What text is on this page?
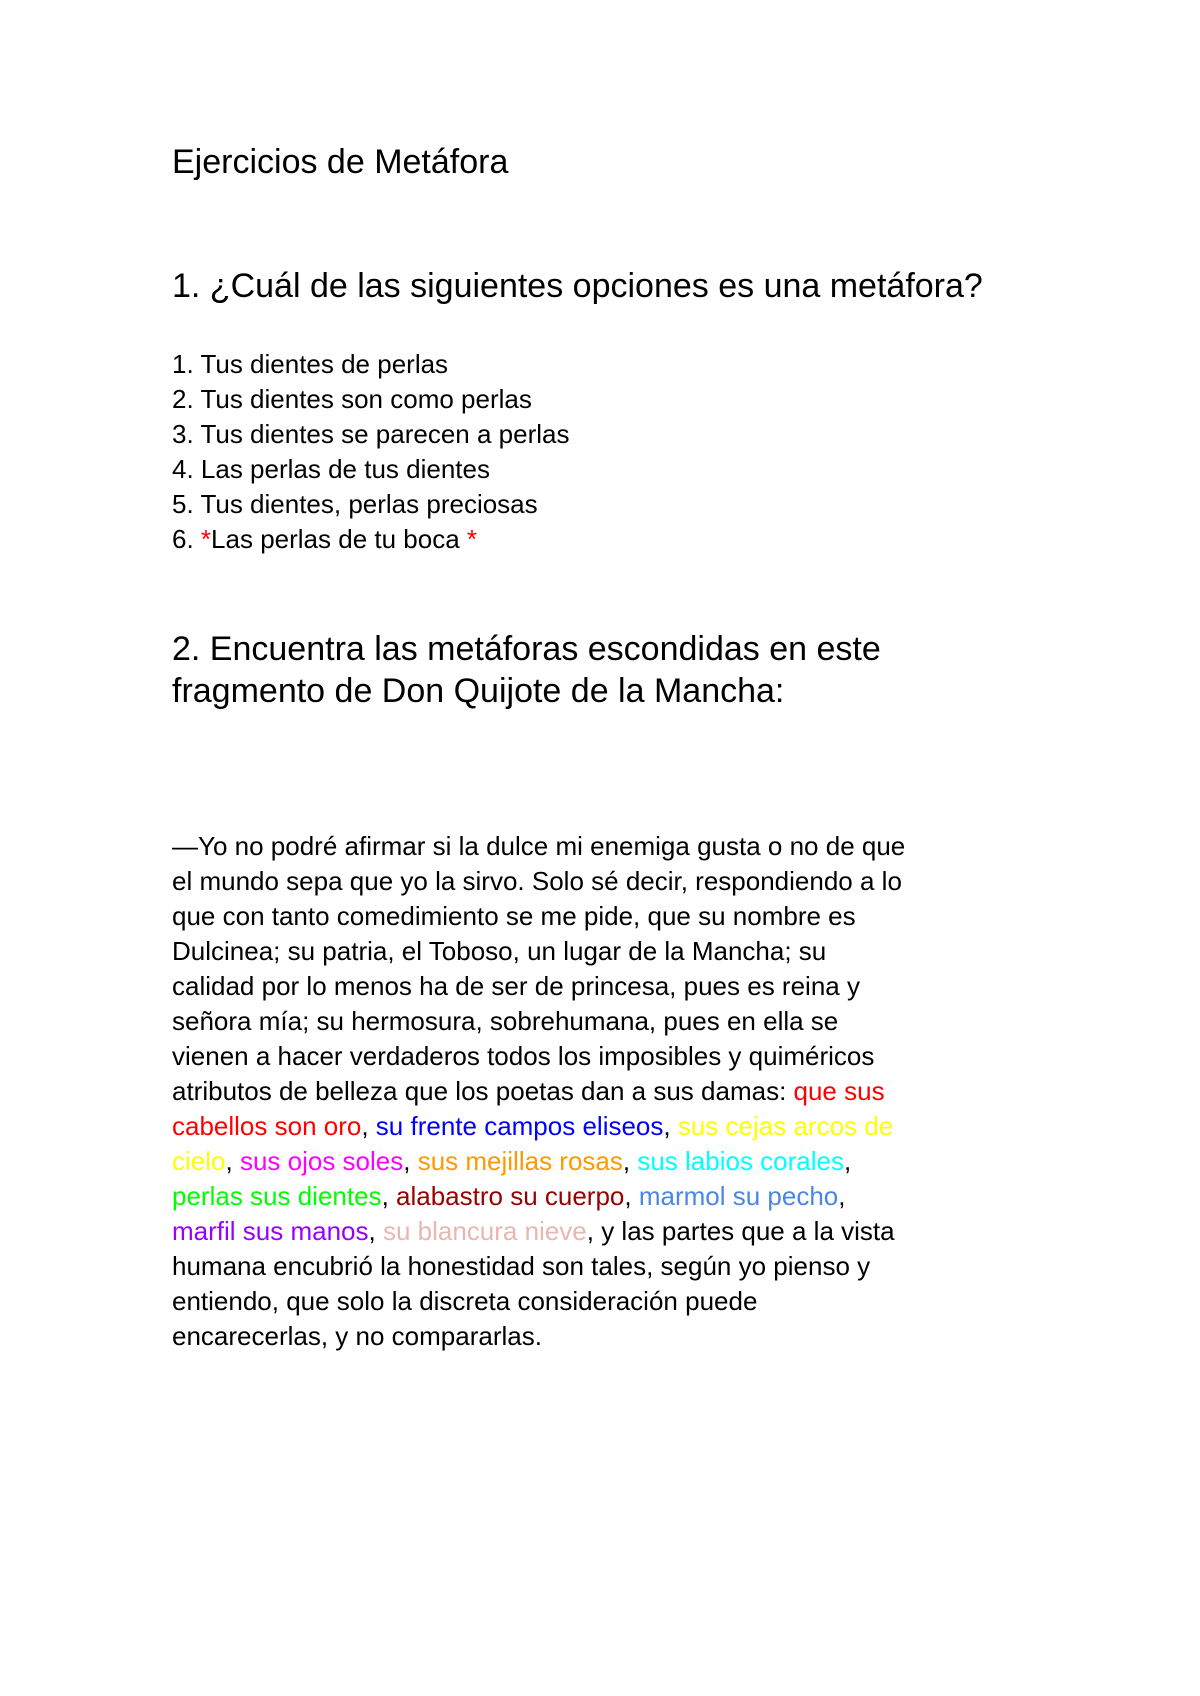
Ejercicios de Metáfora
1. ¿Cuál de las siguientes opciones es una metáfora?
1. Tus dientes de perlas
2. Tus dientes son como perlas
3. Tus dientes se parecen a perlas
4. Las perlas de tus dientes
5. Tus dientes, perlas preciosas
6. *Las perlas de tu boca *
2. Encuentra las metáforas escondidas en este
fragmento de Don Quijote de la Mancha:
—Yo no podré afirmar si la dulce mi enemiga gusta o no de que
el mundo sepa que yo la sirvo. Solo sé decir, respondiendo a lo
que con tanto comedimiento se me pide, que su nombre es
Dulcinea; su patria, el Toboso, un lugar de la Mancha; su
calidad por lo menos ha de ser de princesa, pues es reina y
señora mía; su hermosura, sobrehumana, pues en ella se
vienen a hacer verdaderos todos los imposibles y quiméricos
atributos de belleza que los poetas dan a sus damas: que sus
cabellos son oro, su frente campos eliseos, sus cejas arcos de
cielo, sus ojos soles, sus mejillas rosas, sus labios corales,
perlas sus dientes, alabastro su cuerpo, marmol su pecho,
marfil sus manos, su blancura nieve, y las partes que a la vista
humana encubrió la honestidad son tales, según yo pienso y
entiendo, que solo la discreta consideración puede
encarecerlas, y no compararlas.
